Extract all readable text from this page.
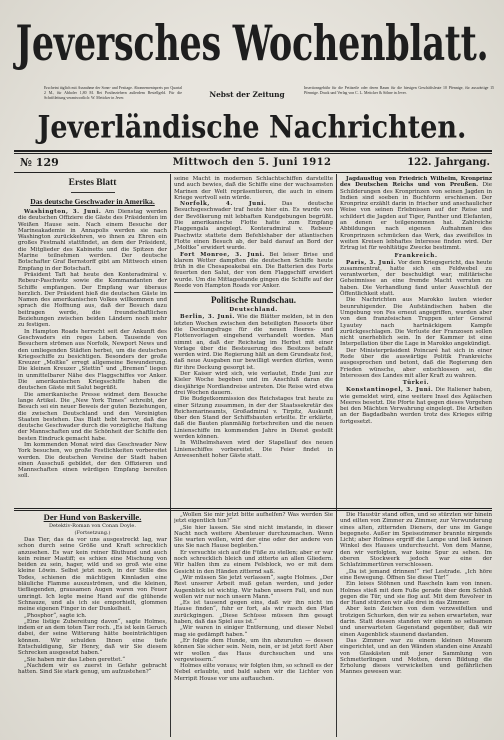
Jeversches Wochenblatt.
Erscheint täglich mit Ausnahme der Sonn- und Festtage. Abonnementspreis pro Quartal 2 M., für Abholer 1,80 M. Bei Postbeziehern außerdem Bestellgeld. Für die Schriftleitung verantwortlich: W. Mettcker in Jever.	Nebst der Zeitung
Insertionsgebühr für die Petitzeile oder deren Raum für die hiesigen Geschäftsleute 10 Pfennige, für auswärtige 15 Pfennige. Druck und Verlag von C. L. Mettcker & Söhne in Jever.
Jeverländische Nachrichten.
№ 129	Mittwoch den 5. Juni 1912	122. Jahrgang.
Erstes Blatt
Das deutsche Geschwader in Amerika.

Washington, 3. Juni. Am Dienstag werden die deutschen Offiziere die Gäste des Präsidenten im Weißen Hause sein. Nach einem Besuche der Marineakademie in Annapolis werden sie nach Washington zurückkehren, wo ihnen zu Ehren ein großes Festmahl stattfindet, an dem der Präsident, die Mitglieder des Kabinetts und die Spitzen der Marine teilnehmen werden. Der deutsche Botschafter Graf Bernstorff gibt am Mittwoch einen Empfang in der Botschaft.

Präsident Taft hat heute den Konteradmiral v. Rebeur-Paschwitz sowie die Kommandanten der Schiffe empfangen. Der Empfang war überaus herzlich. Der Präsident hieß die deutschen Gäste im Namen des amerikanischen Volkes willkommen und sprach die Hoffnung aus, daß der Besuch dazu beitragen werde, die freundschaftlichen Beziehungen zwischen beiden Ländern noch mehr zu festigen.

In Hampton Roads herrscht seit der Ankunft des Geschwaders ein reges Leben. Tausende von Besuchern strömen aus Norfolk, Newport News und den umliegenden Städten herbei, um die deutschen Kriegsschiffe zu besichtigen. Besonders der große Kreuzer „Moltke“ erregt allgemeine Bewunderung. Die kleinen Kreuzer „Stettin“ und „Bremen“ liegen in unmittelbarer Nähe des Flaggschiffes vor Anker. Die amerikanischen Kriegsschiffe haben die deutschen Gäste mit Salut begrüßt.

Die amerikanische Presse widmet dem Besuche lange Artikel. Die „New York Times“ schreibt, der Besuch sei ein neuer Beweis der guten Beziehungen, die zwischen Deutschland und den Vereinigten Staaten bestehen. Das Blatt hebt hervor, daß das deutsche Geschwader durch die vorzügliche Haltung der Mannschaften und die Schönheit der Schiffe den besten Eindruck gemacht habe.

Im kommenden Monat wird das Geschwader New York besuchen, wo große Festlichkeiten vorbereitet werden. Die deutschen Vereine der Stadt haben einen Ausschuß gebildet, der den Offizieren und Mannschaften einen würdigen Empfang bereiten soll.

seine Macht in modernen Schlachtschiffen darstellte und auch bewies, daß die Schiffe eine der wachsamsten Marinen der Welt repräsentieren, die auch in einem Kriege wertvoll sein würde.

Norfolk, 4. Juni.	Das deutsche Besuchsgeschwader traf heute hier ein. Es wurde von der Bevölkerung mit lebhaften Kundgebungen begrüßt. Die amerikanische Flotte hatte zum Empfang Flaggengala angelegt. Konteradmiral v. Rebeur-Paschwitz stattete dem Befehlshaber der atlantischen Flotte einen Besuch ab, der bald darauf an Bord der „Moltke“ erwidert wurde.

Fort Monroe, 3. Juni. Bei leiser Brise und klarem Wetter dampften die deutschen Schiffe heute früh in die Chesapeakebai ein. Die Batterien des Forts feuerten den Salut, der von dem Flaggschiff erwidert wurde. Um die Mittagsstunde gingen die Schiffe auf der Reede von Hampton Roads vor Anker.

Politische Rundschau.
Deutschland.

Berlin, 3. Juni. Wie die Blätter melden, ist in den letzten Wochen zwischen den beteiligten Ressorts über die Deckungsfrage für die neuen Heeres- und Flottenvorlagen eingehend verhandelt worden. Man nimmt an, daß der Reichstag im Herbst mit einer Vorlage über die Besteuerung des Besitzes befaßt werden wird. Die Regierung hält an dem Grundsatz fest, daß neue Ausgaben nur bewilligt werden dürfen, wenn für ihre Deckung gesorgt ist.

Der Kaiser wird sich, wie verlautet, Ende Juni zur Kieler Woche begeben und im Anschluß daran die diesjährige Nordlandreise antreten. Die Reise wird etwa drei Wochen dauern.

Die Budgetkommission des Reichstages trat heute zu einer Sitzung zusammen, in der der Staatssekretär des Reichsmarineamts, Großadmiral v. Tirpitz, Auskunft über den Stand der Schiffsbauten erteilte. Er erklärte, daß die Bauten planmäßig fortschreiten und die neuen Linienschiffe im kommenden Jahre in Dienst gestellt werden können.

In Wilhelmshaven wird der Stapellauf des neuen Linienschiffes vorbereitet. Die Feier findet in Anwesenheit hoher Gäste statt.

Jagdausflug von Friedrich Wilhelm, Kronprinz des Deutschen Reichs und von Preußen. Die Schilderungen des Kronprinzen von seinen Jagden in Indien sind soeben in Buchform erschienen. Der Kronprinz erzählt darin in frischer und anschaulicher Weise von seinen Erlebnissen auf der Reise und schildert die Jagden auf Tiger, Panther und Elefanten, an denen er teilgenommen hat. Zahlreiche Abbildungen nach eigenen Aufnahmen des Kronprinzen schmücken das Werk, das zweifellos in weiten Kreisen lebhaftes Interesse finden wird. Der Ertrag ist für wohltätige Zwecke bestimmt.

Frankreich.

Paris, 3. Juni. Vor dem Kriegsgericht, das heute zusammentrat, hatte sich ein Feldwebel zu verantworten, der beschuldigt war, militärische Geheimnisse an eine fremde Macht verraten zu haben. Die Verhandlung fand unter Ausschluß der Öffentlichkeit statt.

Die Nachrichten aus Marokko lauten wieder beunruhigender. Die Aufständischen haben die Umgebung von Fes erneut angegriffen, wurden aber von den französischen Truppen unter General Lyautey nach hartnäckigem Kampfe zurückgeschlagen. Die Verluste der Franzosen sollen nicht unerheblich sein. In der Kammer ist eine Interpellation über die Lage in Marokko angekündigt.

Der Ministerpräsident Poincaré hat sich in einer Rede über die auswärtige Politik Frankreichs ausgesprochen und betont, daß die Regierung den Frieden wünsche, aber entschlossen sei, die Interessen des Landes mit aller Kraft zu wahren.

Türkei.

Konstantinopel, 3. Juni. Die Italiener haben, wie gemeldet wird, eine weitere Insel des Ägäischen Meeres besetzt. Die Pforte hat gegen dieses Vorgehen bei den Mächten Verwahrung eingelegt. Die Arbeiten an der Bagdadbahn werden trotz des Krieges eifrig fortgesetzt.

Der Hund von Baskerville.
Detektiv-Roman von Conan Doyle.
(Fortsetzung.)

Das Tier, das da vor uns ausgestreckt lag, war schon durch seine Größe und Kraft schrecklich anzusehen. Es war kein reiner Bluthund und auch kein reiner Mastiff; es schien eine Mischung von beiden zu sein, hager, wild und so groß wie eine kleine Löwin. Selbst jetzt noch, in der Stille des Todes, schienen die mächtigen Kinnladen eine bläuliche Flamme auszuströmen, und die kleinen, tiefliegenden, grausamen Augen waren von Feuer umringt. Ich legte meine Hand auf die glühende Schnauze, und als ich sie emporhielt, glommen meine eigenen Finger in der Dunkelheit.

„Phosphor“, sagte ich.

„Eine listige Zubereitung davon“, sagte Holmes, indem er an dem toten Tier roch. „Es ist kein Geruch dabei, der seine Witterung hätte beeinträchtigen können. Wir schulden Ihnen eine tiefe Entschuldigung, Sir Henry, daß wir Sie diesem Schrecken ausgesetzt haben.“

„Sie haben mir das Leben gerettet.“

„Nachdem wir es zuerst in Gefahr gebracht hatten. Sind Sie stark genug, um aufzustehen?“

„Wollen Sie mir jetzt bitte aufhelfen? Was werden Sie jetzt eigentlich tun?“

„Sie hier lassen. Sie sind nicht imstande, in dieser Nacht noch weitere Abenteuer durchzumachen. Wenn Sie warten wollen, wird der eine oder der andere von uns Sie nach Hause begleiten.“

Er versuchte sich auf die Füße zu stellen; aber er war noch schrecklich bleich und zitterte an allen Gliedern. Wir halfen ihm zu einem Felsblock, wo er mit dem Gesicht in den Händen zitternd saß.

„Wir müssen Sie jetzt verlassen“, sagte Holmes. „Der Rest unserer Arbeit muß getan werden, und jeder Augenblick ist wichtig. Wir haben unsern Fall, und nun wollen wir nur noch unsern Mann.“

„Es ist tausend gegen eins, daß wir ihn nicht im Hause finden“, fuhr er fort, als wir rasch den Pfad zurückgingen. „Diese Schüsse müssen ihm gesagt haben, daß das Spiel aus ist.“

„Wir waren in einiger Entfernung, und dieser Nebel mag sie gedämpft haben.“

„Er folgte dem Hunde, um ihn abzurufen — dessen können Sie sicher sein. Nein, nein, er ist jetzt fort! Aber wir wollen das Haus durchsuchen und uns vergewissern.“

Holmes eilte voraus; wir folgten ihm, so schnell es der Nebel erlaubte, und bald sahen wir die Lichter von Merripit House vor uns auftauchen.

Die Haustür stand offen, und so stürzten wir hinein und eilten von Zimmer zu Zimmer, zur Verwunderung eines alten, zitternden Dieners, der uns im Gange begegnete. Außer im Speisezimmer brannte nirgends Licht; aber Holmes ergriff die Lampe und ließ keinen Winkel des Hauses undurchsucht. Von dem Manne, den wir verfolgten, war keine Spur zu sehen. Im oberen Stockwerk jedoch war eine der Schlafzimmertüren verschlossen.

„Da ist jemand drinnen!“ rief Lestrade. „Ich höre eine Bewegung. Öffnen Sie diese Tür!“

Ein leises Stöhnen und Rascheln kam von innen. Holmes stieß mit dem Fuße gerade über dem Schloß gegen die Tür, und sie flog auf. Mit dem Revolver in der Hand stürzten wir alle drei in das Zimmer.

Aber kein Zeichen von dem verzweifelten und trotzigen Schurken, den wir zu sehen erwarteten, war darin. Statt dessen standen wir einem so seltsamen und unerwarteten Gegenstand gegenüber, daß wir einen Augenblick staunend dastanden.

Das Zimmer war zu einem kleinen Museum eingerichtet, und an den Wänden standen eine Anzahl von Glaskästen mit jener Sammlung von Schmetterlingen und Motten, deren Bildung die Erholung dieses verwickelten und gefährlichen Mannes gewesen war.
